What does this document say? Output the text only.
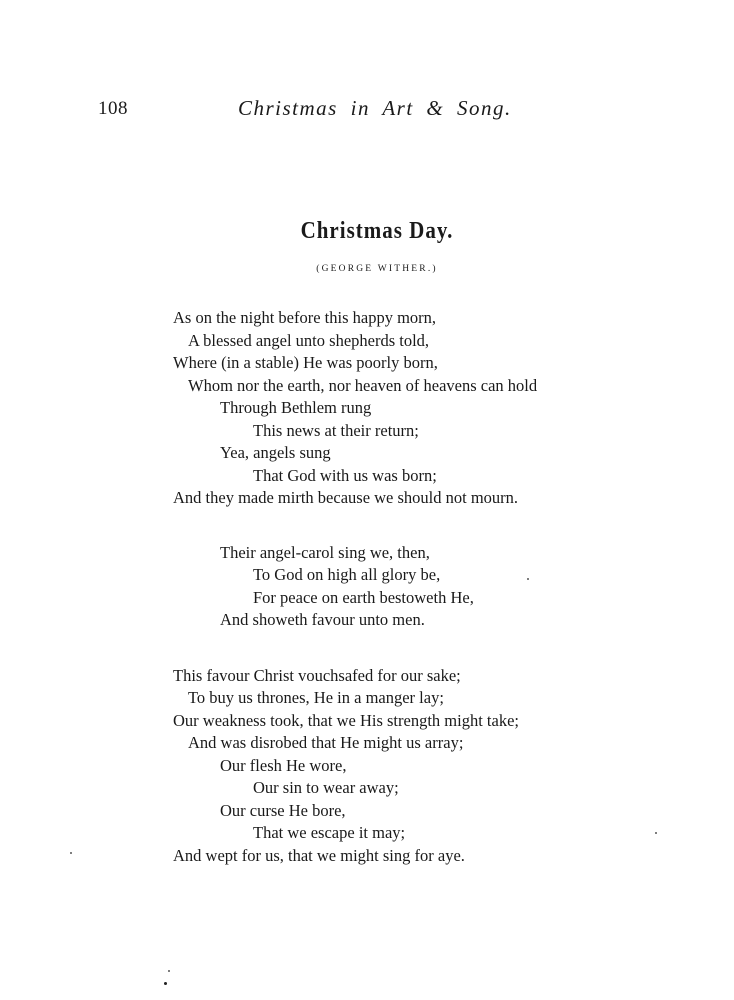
108	Christmas in Art & Song.
Christmas Day.
(GEORGE WITHER.)
As on the night before this happy morn,
A blessed angel unto shepherds told,
Where (in a stable) He was poorly born,
Whom nor the earth, nor heaven of heavens can hold
Through Bethlem rung
This news at their return;
Yea, angels sung
That God with us was born;
And they made mirth because we should not mourn.
Their angel-carol sing we, then,
To God on high all glory be,
For peace on earth bestoweth He,
And showeth favour unto men.
This favour Christ vouchsafed for our sake;
To buy us thrones, He in a manger lay;
Our weakness took, that we His strength might take;
And was disrobed that He might us array;
Our flesh He wore,
Our sin to wear away;
Our curse He bore,
That we escape it may;
And wept for us, that we might sing for aye.
